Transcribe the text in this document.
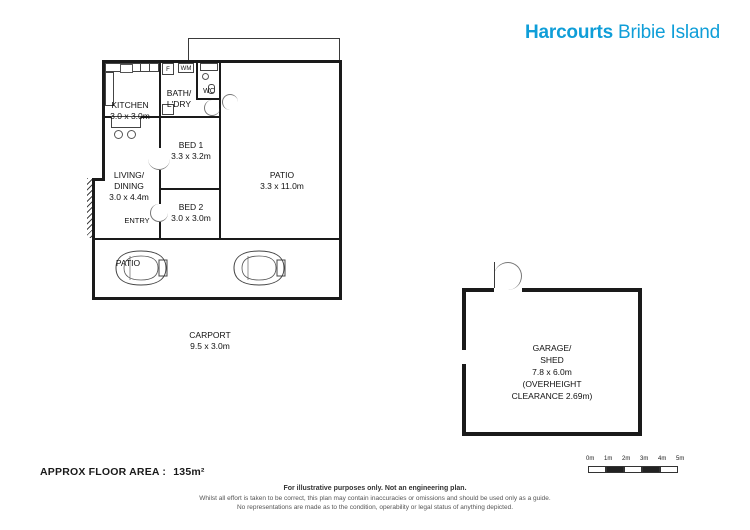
Harcourts Bribie Island
F	WM
KITCHEN
3.0 x 3.0m
BATH/
L'DRY
WC
BED 1
3.3 x 3.2m
BED 2
3.0 x 3.0m
LIVING/
DINING
3.0 x 4.4m
ENTRY
PATIO
3.3 x 11.0m
PATIO
CARPORT
9.5 x 3.0m	GARAGE/
SHED
7.8 x 6.0m
(OVERHEIGHT
CLEARANCE 2.69m)
APPROX FLOOR AREA : 135m²
0m 1m 2m 3m 4m 5m
For illustrative purposes only. Not an engineering plan.
Whilst all effort is taken to be correct, this plan may contain inaccuracies or omissions and should be used only as a guide.
No representations are made as to the condition, operability or legal status of anything depicted.
